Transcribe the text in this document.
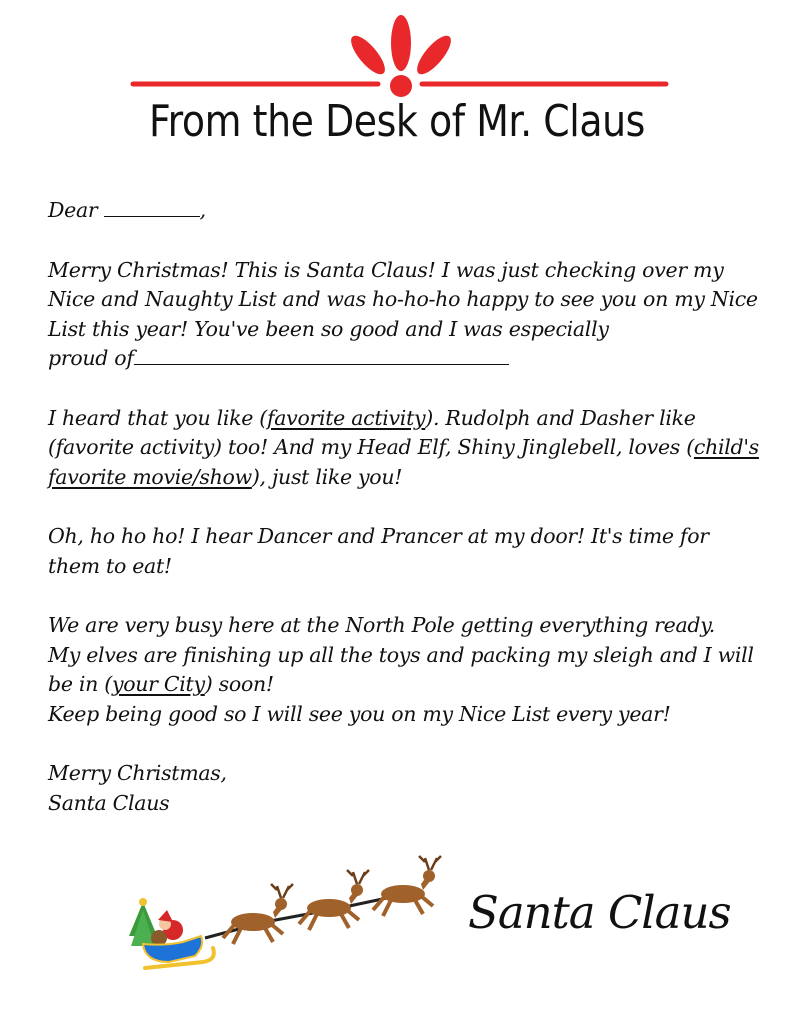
From the Desk of Mr. Claus
Dear	,
Merry Christmas! This is Santa Claus! I was just checking over my
Nice and Naughty List and was ho-ho-ho happy to see you on my Nice
List this year! You've been so good and I was especially
proud of
I heard that you like (favorite activity). Rudolph and Dasher like
(favorite activity) too! And my Head Elf, Shiny Jinglebell, loves (child's
favorite movie/show), just like you!
Oh, ho ho ho! I hear Dancer and Prancer at my door! It's time for
them to eat!
We are very busy here at the North Pole getting everything ready.
My elves are finishing up all the toys and packing my sleigh and I will
be in (your City) soon!
Keep being good so I will see you on my Nice List every year!
Merry Christmas,
Santa Claus
Santa Claus
